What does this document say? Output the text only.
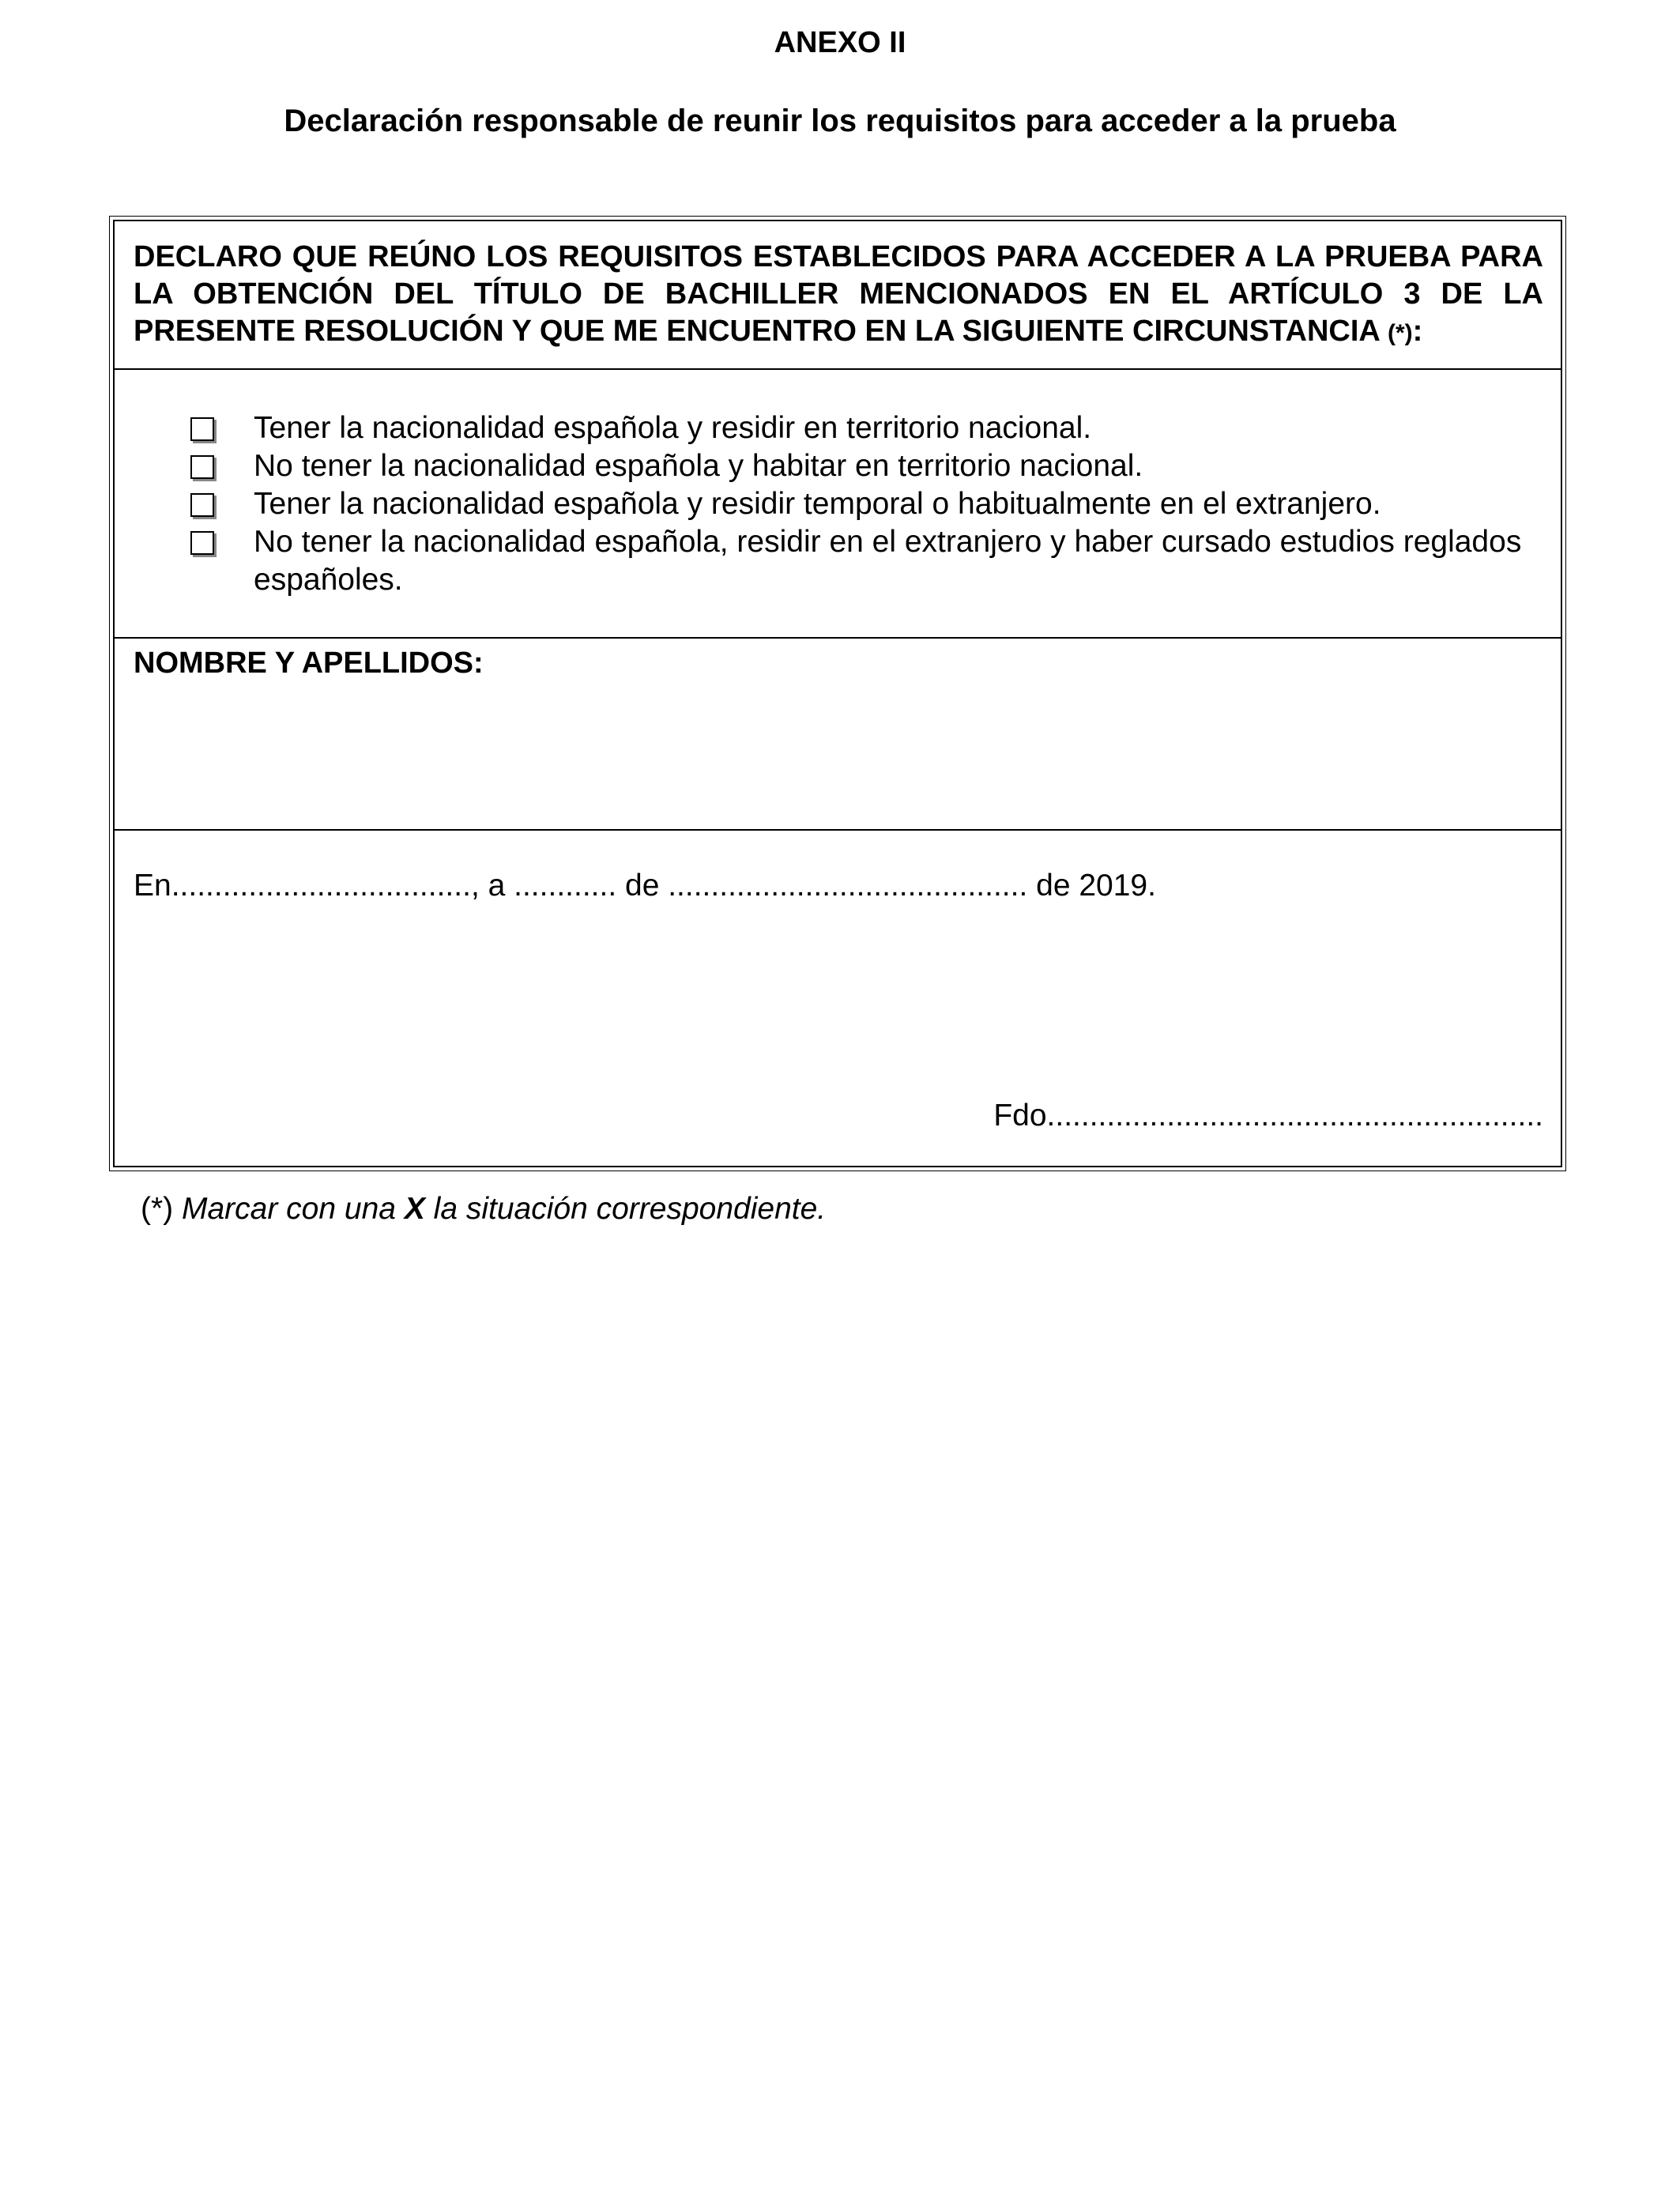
ANEXO II
Declaración responsable de reunir los requisitos para acceder a la prueba

DECLARO QUE REÚNO LOS REQUISITOS ESTABLECIDOS PARA ACCEDER A LA PRUEBA PARA LA OBTENCIÓN DEL TÍTULO DE BACHILLER MENCIONADOS EN EL ARTÍCULO 3 DE LA PRESENTE RESOLUCIÓN Y QUE ME ENCUENTRO EN LA SIGUIENTE CIRCUNSTANCIA (*):

Tener la nacionalidad española y residir en territorio nacional.
No tener la nacionalidad española y habitar en territorio nacional.
Tener la nacionalidad española y residir temporal o habitualmente en el extranjero.
No tener la nacionalidad española, residir en el extranjero y haber cursado estudios reglados españoles.

NOMBRE Y APELLIDOS:

En..................................., a ............ de .......................................... de 2019.

Fdo..........................................................

(*) Marcar con una X la situación correspondiente.
